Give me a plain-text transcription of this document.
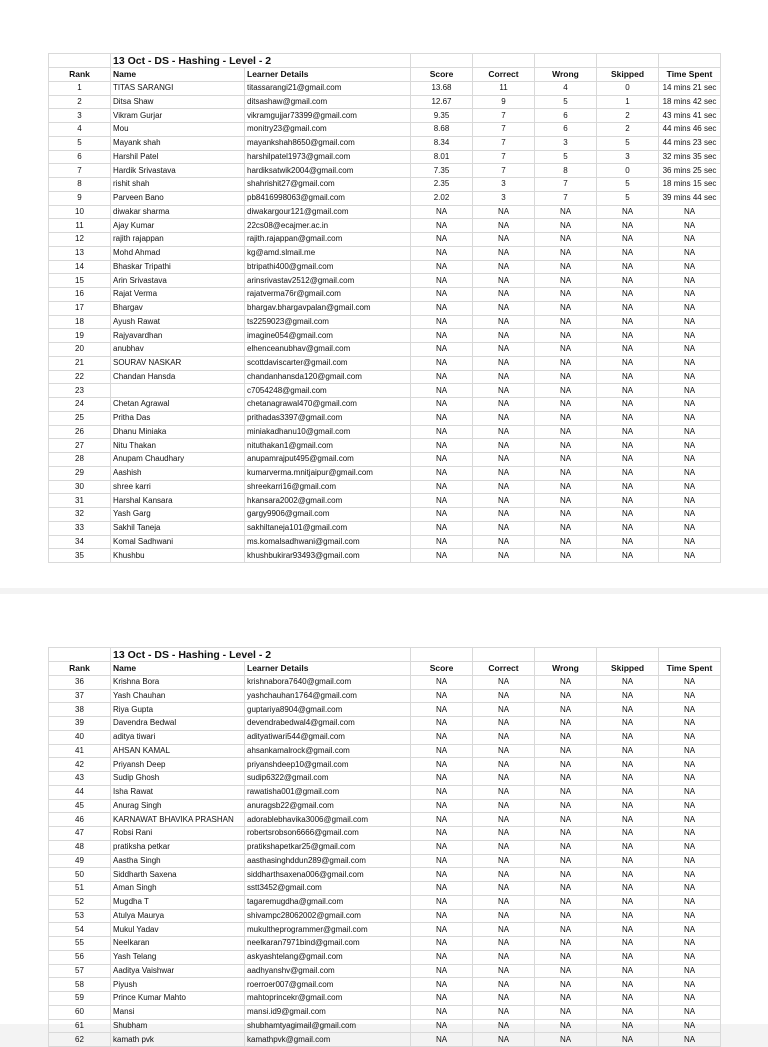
	13 Oct - DS - Hashing - Level - 2						
Rank	Name	Learner Details	Score	Correct	Wrong	Skipped	Time Spent
1	TITAS SARANGI	titassarangi21@gmail.com	13.68	11	4	0	14 mins 21 sec
2	Ditsa Shaw	ditsashaw@gmail.com	12.67	9	5	1	18 mins 42 sec
3	Vikram Gurjar	vikramgujjar73399@gmail.com	9.35	7	6	2	43 mins 41 sec
4	Mou	monitry23@gmail.com	8.68	7	6	2	44 mins 46 sec
5	Mayank shah	mayankshah8650@gmail.com	8.34	7	3	5	44 mins 23 sec
6	Harshil Patel	harshilpatel1973@gmail.com	8.01	7	5	3	32 mins 35 sec
7	Hardik Srivastava	hardiksatwik2004@gmail.com	7.35	7	8	0	36 mins 25 sec
8	rishit shah	shahrishit27@gmail.com	2.35	3	7	5	18 mins 15 sec
9	Parveen Bano	pb8416998063@gmail.com	2.02	3	7	5	39 mins 44 sec
10	diwakar sharma	diwakargour121@gmail.com	NA	NA	NA	NA	NA
11	Ajay Kumar	22cs08@ecajmer.ac.in	NA	NA	NA	NA	NA
12	rajith rajappan	rajith.rajappan@gmail.com	NA	NA	NA	NA	NA
13	Mohd Ahmad	kg@amd.slmail.me	NA	NA	NA	NA	NA
14	Bhaskar Tripathi	btripathi400@gmail.com	NA	NA	NA	NA	NA
15	Arin Srivastava	arinsrivastav2512@gmail.com	NA	NA	NA	NA	NA
16	Rajat Verma	rajatverma76r@gmail.com	NA	NA	NA	NA	NA
17	Bhargav	bhargav.bhargavpalan@gmail.com	NA	NA	NA	NA	NA
18	Ayush Rawat	ts2259023@gmail.com	NA	NA	NA	NA	NA
19	Rajyavardhan	imagine054@gmail.com	NA	NA	NA	NA	NA
20	anubhav	elhenceanubhav@gmail.com	NA	NA	NA	NA	NA
21	SOURAV NASKAR	scottdaviscarter@gmail.com	NA	NA	NA	NA	NA
22	Chandan Hansda	chandanhansda120@gmail.com	NA	NA	NA	NA	NA
23		c7054248@gmail.com	NA	NA	NA	NA	NA
24	Chetan Agrawal	chetanagrawal470@gmail.com	NA	NA	NA	NA	NA
25	Pritha Das	prithadas3397@gmail.com	NA	NA	NA	NA	NA
26	Dhanu Miniaka	miniakadhanu10@gmail.com	NA	NA	NA	NA	NA
27	Nitu Thakan	nituthakan1@gmail.com	NA	NA	NA	NA	NA
28	Anupam Chaudhary	anupamrajput495@gmail.com	NA	NA	NA	NA	NA
29	Aashish	kumarverma.mnitjaipur@gmail.com	NA	NA	NA	NA	NA
30	shree karri	shreekarri16@gmail.com	NA	NA	NA	NA	NA
31	Harshal Kansara	hkansara2002@gmail.com	NA	NA	NA	NA	NA
32	Yash Garg	gargy9906@gmail.com	NA	NA	NA	NA	NA
33	Sakhil Taneja	sakhiltaneja101@gmail.com	NA	NA	NA	NA	NA
34	Komal Sadhwani	ms.komalsadhwani@gmail.com	NA	NA	NA	NA	NA
35	Khushbu	khushbukirar93493@gmail.com	NA	NA	NA	NA	NA
	13 Oct - DS - Hashing - Level - 2						
Rank	Name	Learner Details	Score	Correct	Wrong	Skipped	Time Spent
36	Krishna Bora	krishnabora7640@gmail.com	NA	NA	NA	NA	NA
37	Yash Chauhan	yashchauhan1764@gmail.com	NA	NA	NA	NA	NA
38	Riya Gupta	guptariya8904@gmail.com	NA	NA	NA	NA	NA
39	Davendra Bedwal	devendrabedwal4@gmail.com	NA	NA	NA	NA	NA
40	aditya tiwari	adityatiwari544@gmail.com	NA	NA	NA	NA	NA
41	AHSAN KAMAL	ahsankamalrock@gmail.com	NA	NA	NA	NA	NA
42	Priyansh Deep	priyanshdeep10@gmail.com	NA	NA	NA	NA	NA
43	Sudip Ghosh	sudip6322@gmail.com	NA	NA	NA	NA	NA
44	Isha Rawat	rawatisha001@gmail.com	NA	NA	NA	NA	NA
45	Anurag Singh	anuragsb22@gmail.com	NA	NA	NA	NA	NA
46	KARNAWAT BHAVIKA PRASHAN	adorablebhavika3006@gmail.com	NA	NA	NA	NA	NA
47	Robsi Rani	robertsrobson6666@gmail.com	NA	NA	NA	NA	NA
48	pratiksha petkar	pratikshapetkar25@gmail.com	NA	NA	NA	NA	NA
49	Aastha Singh	aasthasinghddun289@gmail.com	NA	NA	NA	NA	NA
50	Siddharth Saxena	siddharthsaxena006@gmail.com	NA	NA	NA	NA	NA
51	Aman Singh	sstt3452@gmail.com	NA	NA	NA	NA	NA
52	Mugdha T	tagaremugdha@gmail.com	NA	NA	NA	NA	NA
53	Atulya Maurya	shivampc28062002@gmail.com	NA	NA	NA	NA	NA
54	Mukul Yadav	mukultheprogrammer@gmail.com	NA	NA	NA	NA	NA
55	Neelkaran	neelkaran7971bind@gmail.com	NA	NA	NA	NA	NA
56	Yash Telang	askyashtelang@gmail.com	NA	NA	NA	NA	NA
57	Aaditya Vaishwar	aadhyanshv@gmail.com	NA	NA	NA	NA	NA
58	Piyush	roerroer007@gmail.com	NA	NA	NA	NA	NA
59	Prince Kumar Mahto	mahtoprincekr@gmail.com	NA	NA	NA	NA	NA
60	Mansi	mansi.id9@gmail.com	NA	NA	NA	NA	NA
61	Shubham	shubhamtyagimail@gmail.com	NA	NA	NA	NA	NA
62	kamath pvk	kamathpvk@gmail.com	NA	NA	NA	NA	NA
